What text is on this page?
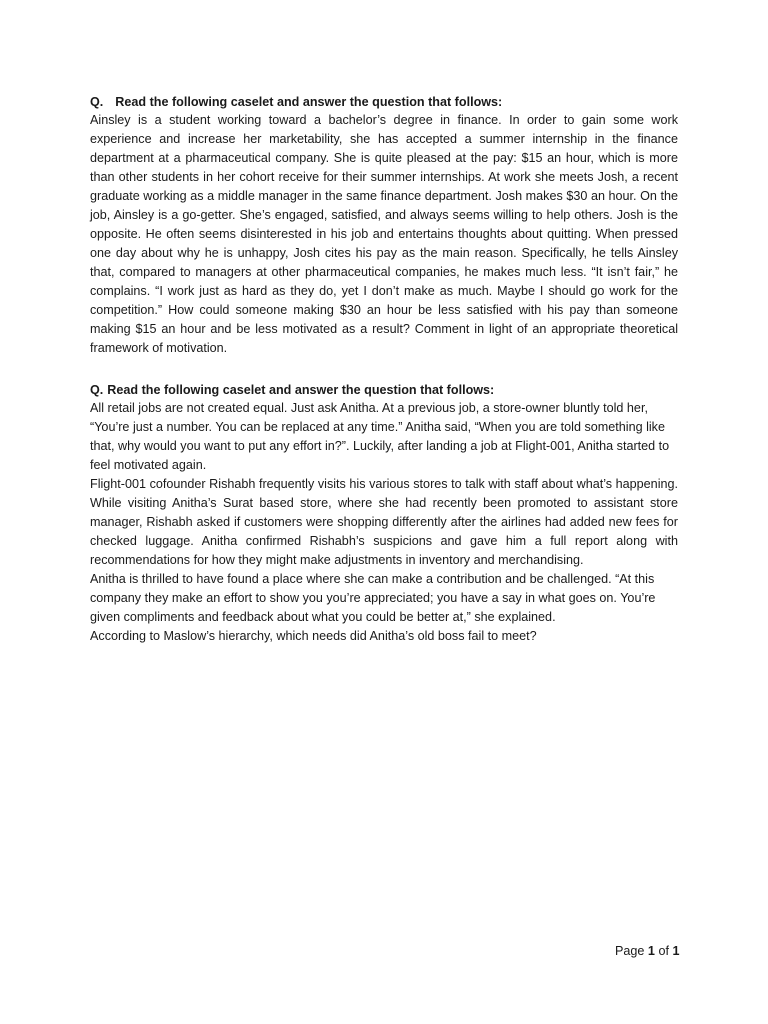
Q. Read the following caselet and answer the question that follows:

Ainsley is a student working toward a bachelor’s degree in finance. In order to gain some work experience and increase her marketability, she has accepted a summer internship in the finance department at a pharmaceutical company. She is quite pleased at the pay: $15 an hour, which is more than other students in her cohort receive for their summer internships. At work she meets Josh, a recent graduate working as a middle manager in the same finance department. Josh makes $30 an hour. On the job, Ainsley is a go-getter. She’s engaged, satisfied, and always seems willing to help others. Josh is the opposite. He often seems disinterested in his job and entertains thoughts about quitting. When pressed one day about why he is unhappy, Josh cites his pay as the main reason. Specifically, he tells Ainsley that, compared to managers at other pharmaceutical companies, he makes much less. “It isn’t fair,” he complains. “I work just as hard as they do, yet I don’t make as much. Maybe I should go work for the competition.” How could someone making $30 an hour be less satisfied with his pay than someone making $15 an hour and be less motivated as a result? Comment in light of an appropriate theoretical framework of motivation.

Q. Read the following caselet and answer the question that follows:

All retail jobs are not created equal. Just ask Anitha. At a previous job, a store-owner bluntly told her, “You’re just a number. You can be replaced at any time.” Anitha said, “When you are told something like that, why would you want to put any effort in?”. Luckily, after landing a job at Flight-001, Anitha started to feel motivated again.

Flight-001 cofounder Rishabh frequently visits his various stores to talk with staff about what’s happening. While visiting Anitha’s Surat based store, where she had recently been promoted to assistant store manager, Rishabh asked if customers were shopping differently after the airlines had added new fees for checked luggage. Anitha confirmed Rishabh’s suspicions and gave him a full report along with recommendations for how they might make adjustments in inventory and merchandising.

Anitha is thrilled to have found a place where she can make a contribution and be challenged. “At this company they make an effort to show you you’re appreciated; you have a say in what goes on. You’re given compliments and feedback about what you could be better at,” she explained.

According to Maslow’s hierarchy, which needs did Anitha’s old boss fail to meet?

Page 1 of 1
